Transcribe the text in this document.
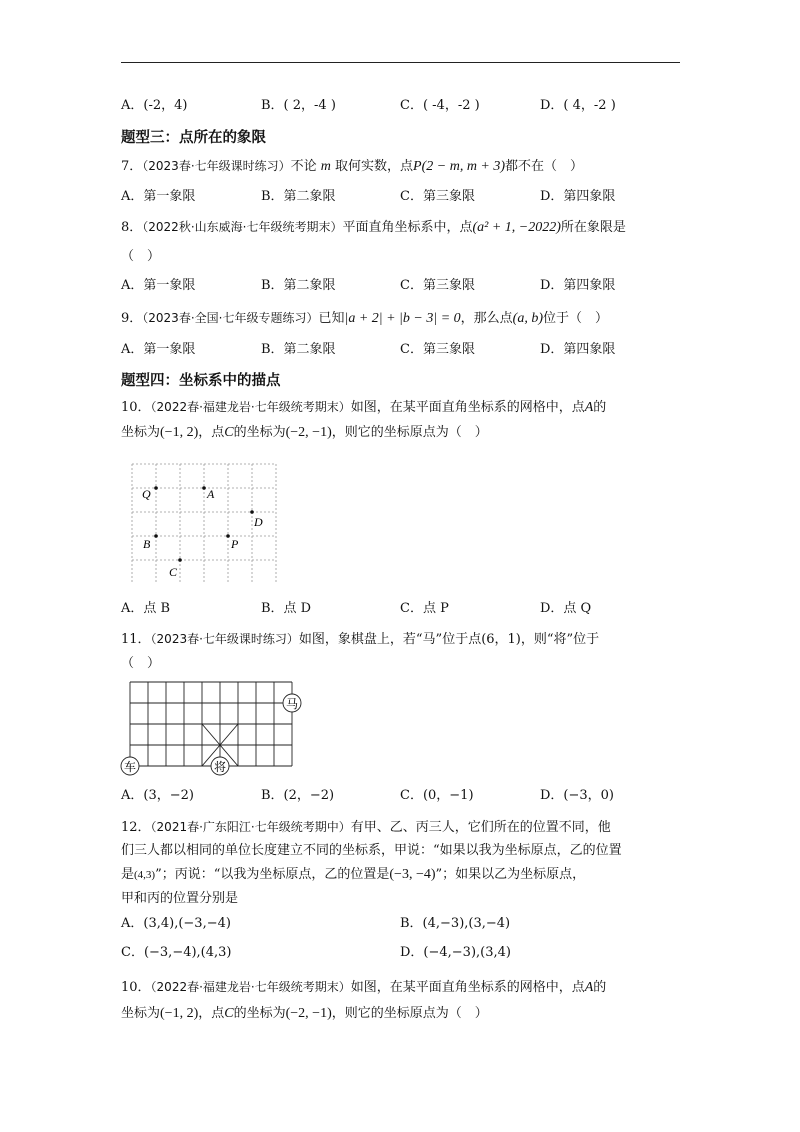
A．(-2，4)	B．( 2，-4 )	C．( -4，-2 )	D．( 4，-2 )
题型三：点所在的象限
7．（2023春·七年级课时练习）不论 m 取何实数，点P(2 − m, m + 3)都不在（　）
A．第一象限	B．第二象限	C．第三象限	D．第四象限
8．（2022秋·山东威海·七年级统考期末）平面直角坐标系中，点(a² + 1, −2022)所在象限是
（　）
A．第一象限	B．第二象限	C．第三象限	D．第四象限
9．（2023春·全国·七年级专题练习）已知|a + 2| + |b − 3| = 0，那么点(a, b)位于（　）
A．第一象限	B．第二象限	C．第三象限	D．第四象限
题型四：坐标系中的描点
10．（2022春·福建龙岩·七年级统考期末）如图，在某平面直角坐标系的网格中，点A的
坐标为(−1, 2)，点C的坐标为(−2, −1)，则它的坐标原点为（　）
Q	A
D
B	P
C
A．点 B	B．点 D	C．点 P	D．点 Q
11．（2023春·七年级课时练习）如图，象棋盘上，若“马”位于点(6，1)，则“将”位于
（　）
马
将
车
A．(3，−2)	B．(2，−2)	C．(0，−1)	D．(−3，0)
12．（2021春·广东阳江·七年级统考期中）有甲、乙、丙三人，它们所在的位置不同，他
们三人都以相同的单位长度建立不同的坐标系，甲说：“如果以我为坐标原点，乙的位置
是(4,3)”；丙说：“以我为坐标原点，乙的位置是(−3, −4)”；如果以乙为坐标原点，
甲和丙的位置分别是
A．(3,4),(−3,−4)	B．(4,−3),(3,−4)
C．(−3,−4),(4,3)	D．(−4,−3),(3,4)
10．（2022春·福建龙岩·七年级统考期末）如图，在某平面直角坐标系的网格中，点A的
坐标为(−1, 2)，点C的坐标为(−2, −1)，则它的坐标原点为（　）
